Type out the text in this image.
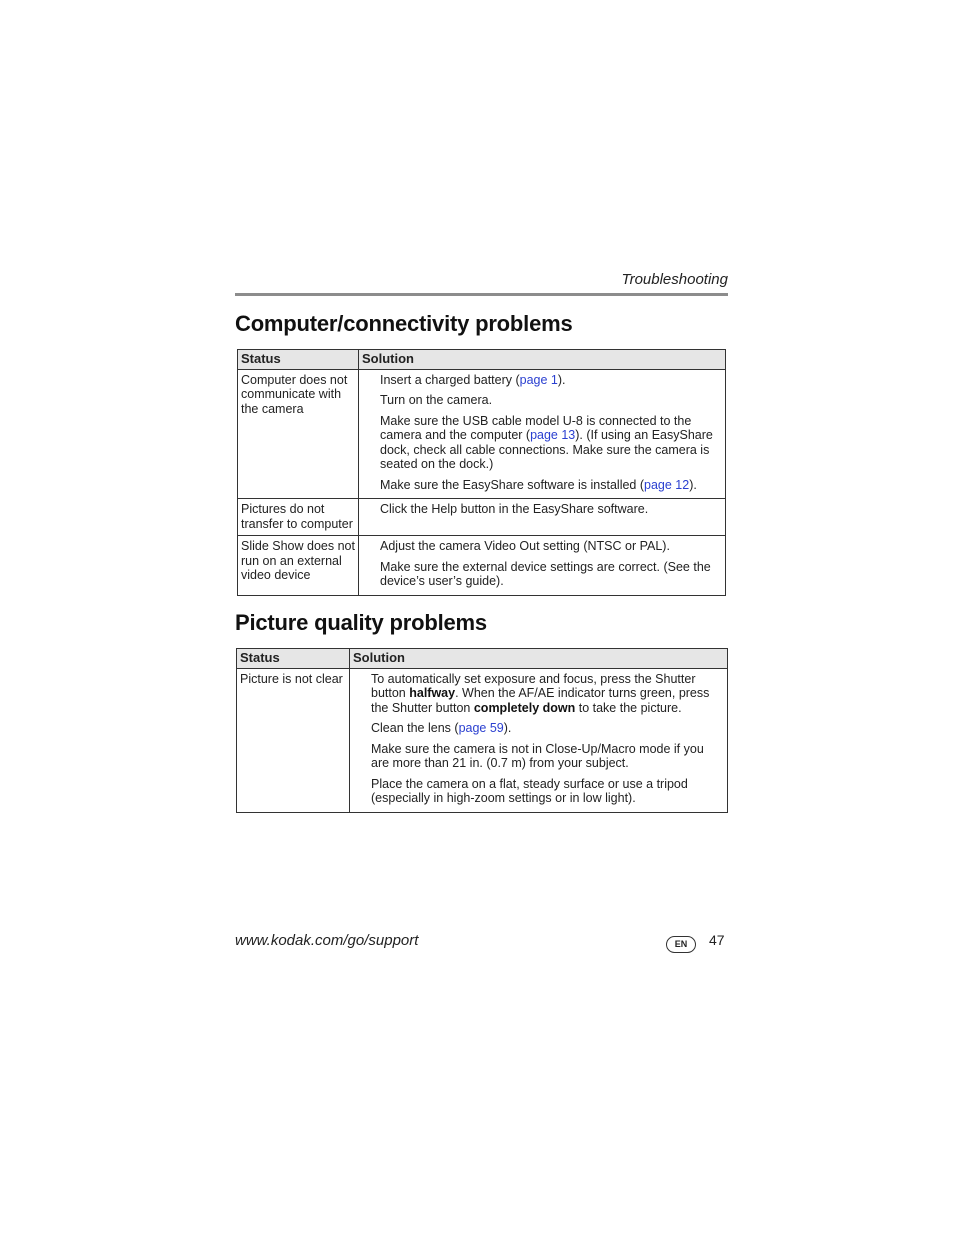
Troubleshooting
Computer/connectivity problems
Status	Solution
Computer does not communicate with the camera	Insert a charged battery (page 1).
Turn on the camera.
Make sure the USB cable model U-8 is connected to the camera and the computer (page 13). (If using an EasyShare dock, check all cable connections. Make sure the camera is seated on the dock.)
Make sure the EasyShare software is installed (page 12).

Pictures do not transfer to computer	Click the Help button in the EasyShare software.

Slide Show does not run on an external video device	Adjust the camera Video Out setting (NTSC or PAL).
Make sure the external device settings are correct. (See the device’s user’s guide).
Picture quality problems
Status	Solution
Picture is not clear	To automatically set exposure and focus, press the Shutter button halfway. When the AF/AE indicator turns green, press the Shutter button completely down to take the picture.
Clean the lens (page 59).
Make sure the camera is not in Close-Up/Macro mode if you are more than 21 in. (0.7 m) from your subject.
Place the camera on a flat, steady surface or use a tripod (especially in high-zoom settings or in low light).
www.kodak.com/go/support	EN	47
